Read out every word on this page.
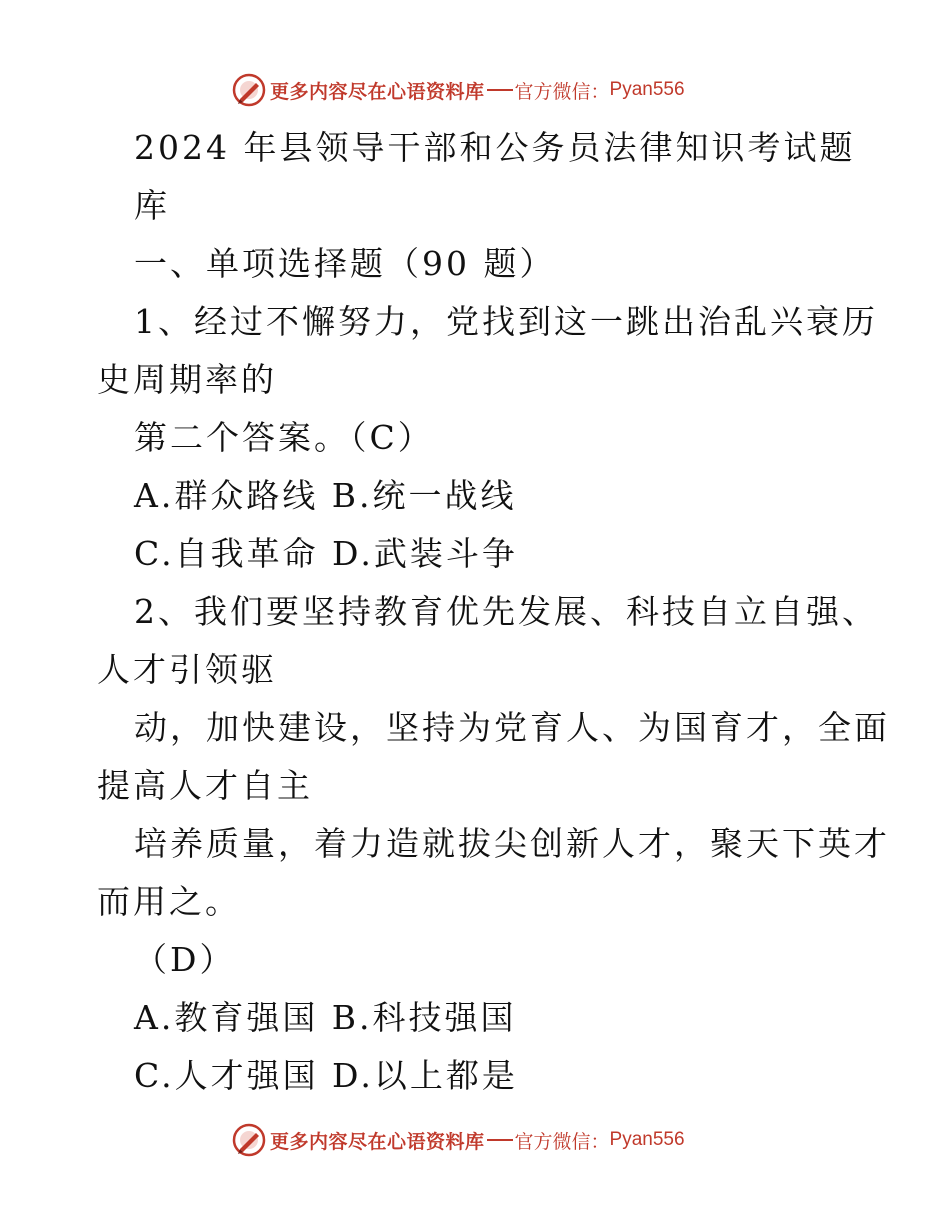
更多内容尽在心语资料库 官方微信： Pyan556
2024 年县领导干部和公务员法律知识考试题
库
一、单项选择题（90 题）
1、经过不懈努力，党找到这一跳出治乱兴衰历
史周期率的
第二个答案。（C）
A.群众路线 B.统一战线
C.自我革命 D.武装斗争
2、我们要坚持教育优先发展、科技自立自强、
人才引领驱
动，加快建设，坚持为党育人、为国育才，全面
提高人才自主
培养质量，着力造就拔尖创新人才，聚天下英才
而用之。
（D）
A.教育强国 B.科技强国
C.人才强国 D.以上都是
更多内容尽在心语资料库 官方微信： Pyan556
